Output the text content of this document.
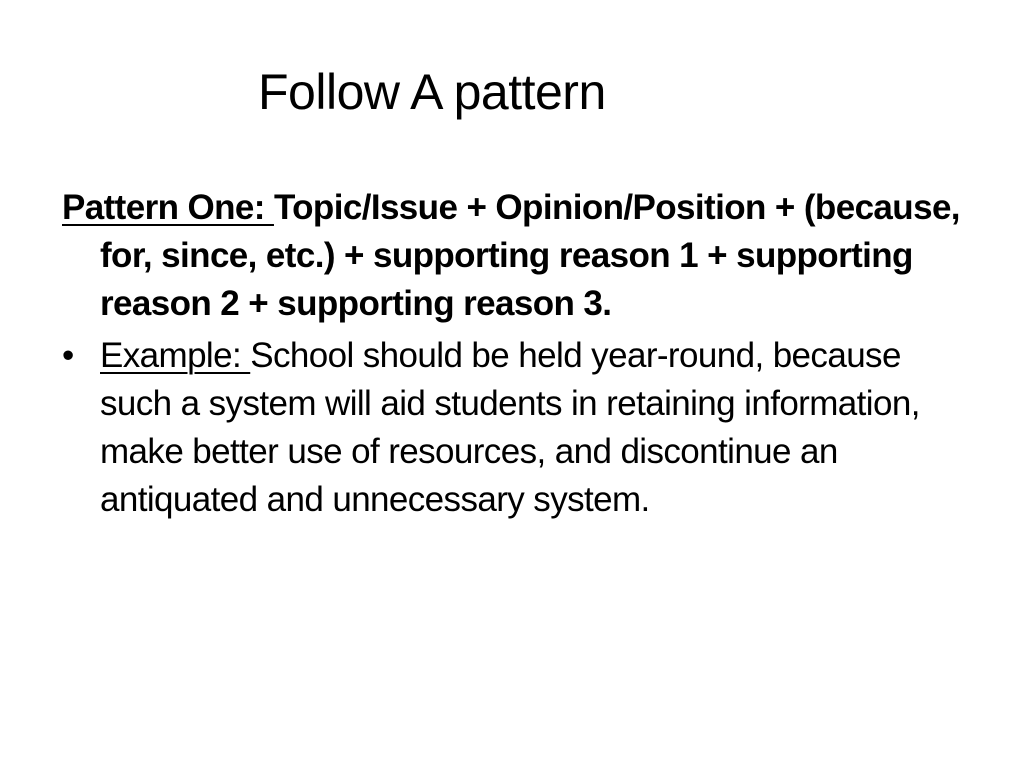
Follow A pattern

Pattern One: Topic/Issue + Opinion/Position + (because, for, since, etc.) + supporting reason 1 + supporting reason 2 + supporting reason 3.

• Example: School should be held year-round, because such a system will aid students in retaining information, make better use of resources, and discontinue an antiquated and unnecessary system.
